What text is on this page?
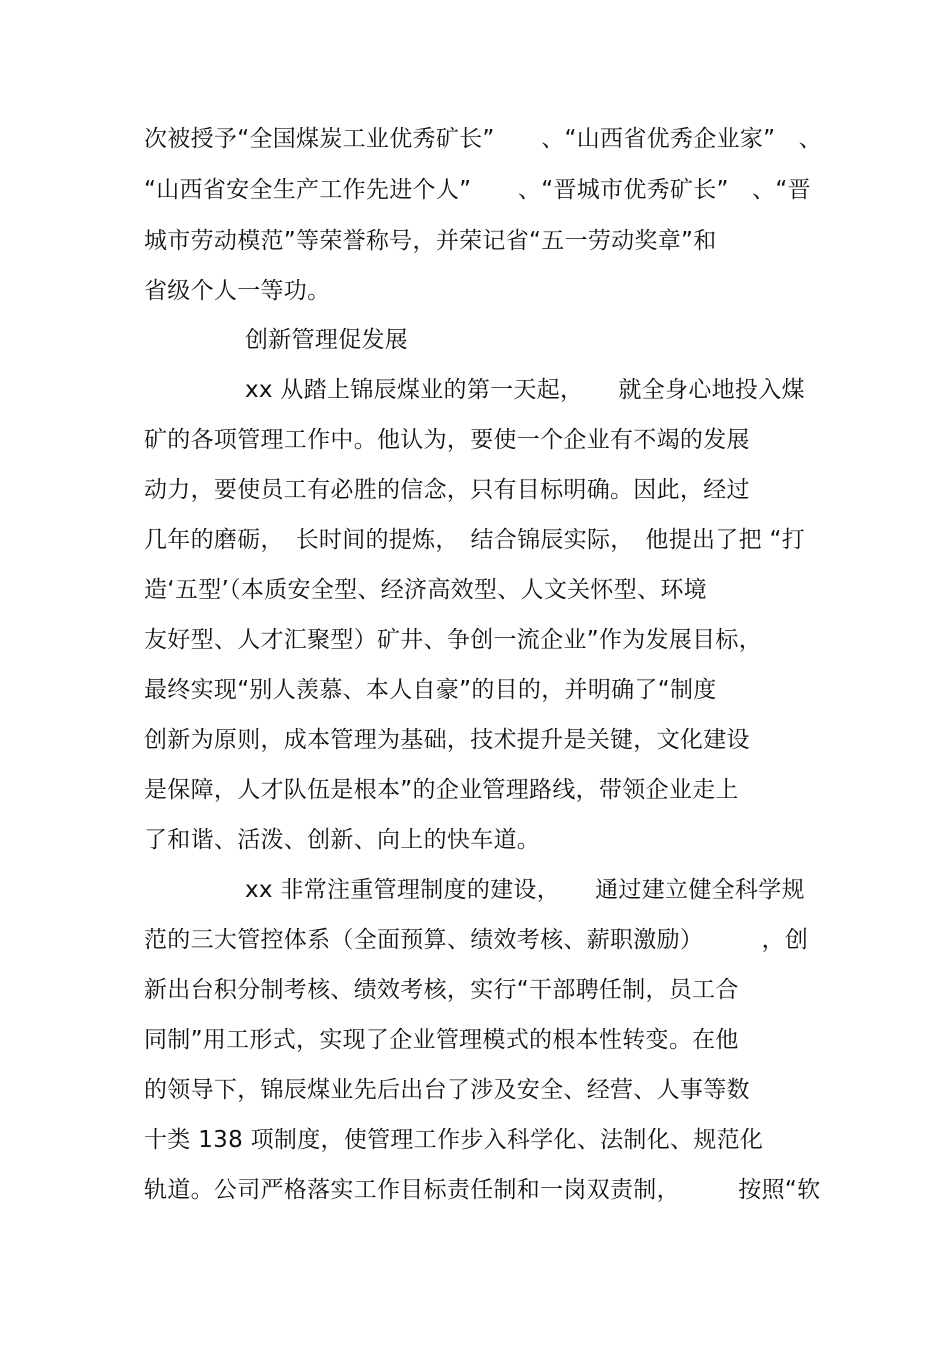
次被授予“全国煤炭工业优秀矿长”　　、“山西省优秀企业家”　、
“山西省安全生产工作先进个人”　　、“晋城市优秀矿长”　、“晋
城市劳动模范”等荣誉称号，并荣记省“五一劳动奖章”和
省级个人一等功。
创新管理促发展
xx 从踏上锦辰煤业的第一天起，　　就全身心地投入煤
矿的各项管理工作中。他认为，要使一个企业有不竭的发展
动力，要使员工有必胜的信念，只有目标明确。因此，经过
几年的磨砺，　长时间的提炼，　结合锦辰实际，　他提出了把 “打
造‘五型’（本质安全型、经济高效型、人文关怀型、环境
友好型、人才汇聚型）矿井、争创一流企业”作为发展目标，
最终实现“别人羡慕、本人自豪”的目的，并明确了“制度
创新为原则，成本管理为基础，技术提升是关键，文化建设
是保障，人才队伍是根本”的企业管理路线，带领企业走上
了和谐、活泼、创新、向上的快车道。
xx 非常注重管理制度的建设，　　通过建立健全科学规
范的三大管控体系（全面预算、绩效考核、薪职激励）　　　，创
新出台积分制考核、绩效考核，实行“干部聘任制，员工合
同制”用工形式，实现了企业管理模式的根本性转变。在他
的领导下，锦辰煤业先后出台了涉及安全、经营、人事等数
十类 138 项制度，使管理工作步入科学化、法制化、规范化
轨道。公司严格落实工作目标责任制和一岗双责制，　　　按照“软
